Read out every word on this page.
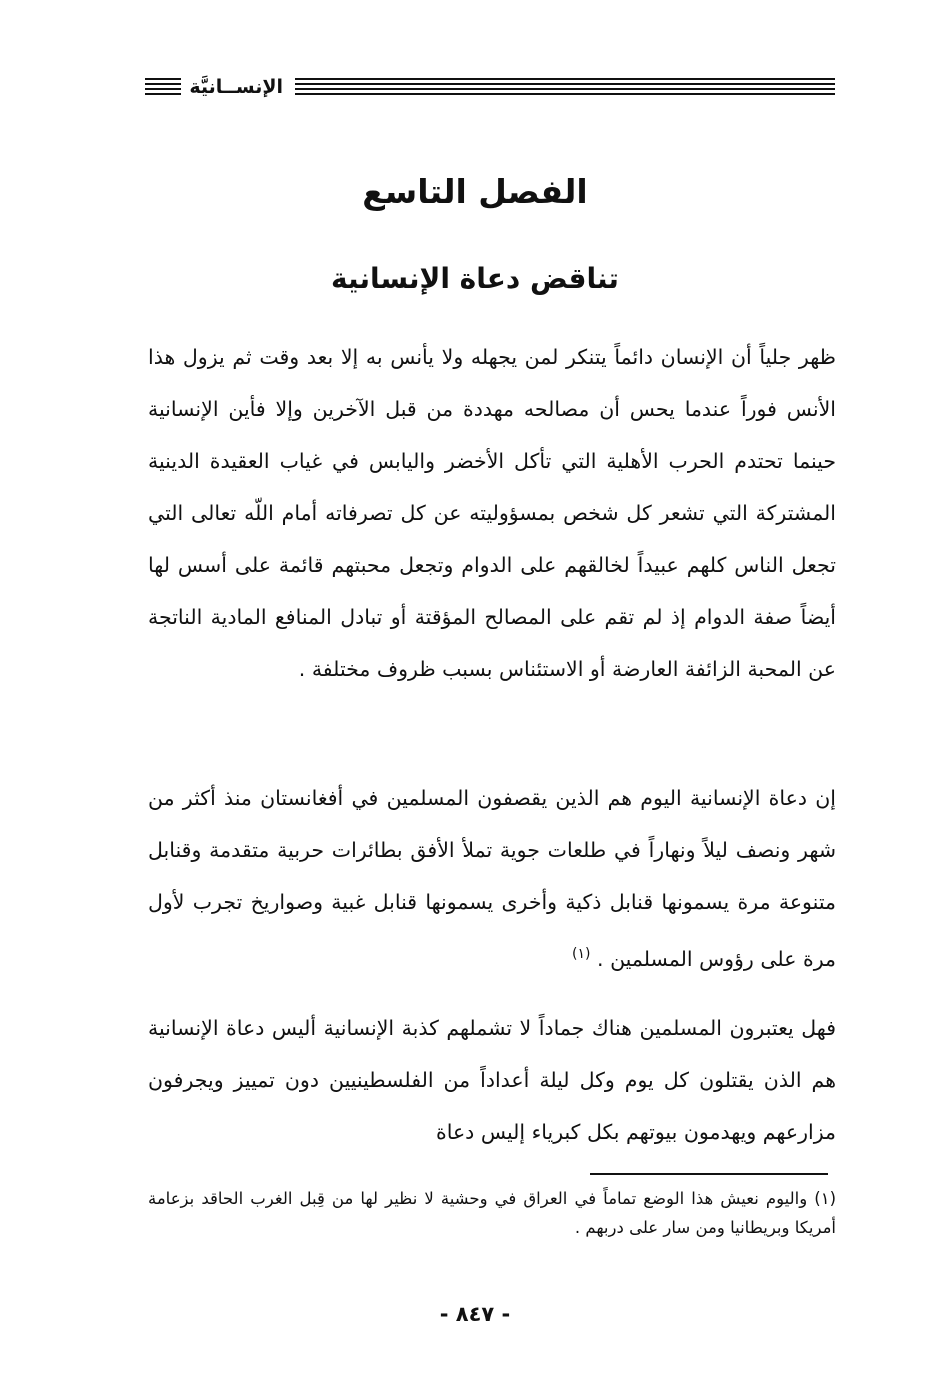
الإنســانيَّة
الفصل التاسع
تناقض دعاة الإنسانية
ظهر جلياً أن الإنسان دائماً يتنكر لمن يجهله ولا يأنس به إلا بعد وقت ثم يزول هذا الأنس فوراً عندما يحس أن مصالحه مهددة من قبل الآخرين وإلا فأين الإنسانية حينما تحتدم الحرب الأهلية التي تأكل الأخضر واليابس في غياب العقيدة الدينية المشتركة التي تشعر كل شخص بمسؤوليته عن كل تصرفاته أمام اللّه تعالى التي تجعل الناس كلهم عبيداً لخالقهم على الدوام وتجعل محبتهم قائمة على أسس لها أيضاً صفة الدوام إذ لم تقم على المصالح المؤقتة أو تبادل المنافع المادية الناتجة عن المحبة الزائفة العارضة أو الاستئناس بسبب ظروف مختلفة .
إن دعاة الإنسانية اليوم هم الذين يقصفون المسلمين في أفغانستان منذ أكثر من شهر ونصف ليلاً ونهاراً في طلعات جوية تملأ الأفق بطائرات حربية متقدمة وقنابل متنوعة مرة يسمونها قنابل ذكية وأخرى يسمونها قنابل غبية وصواريخ تجرب لأول مرة على رؤوس المسلمين . $^{(١)}$
فهل يعتبرون المسلمين هناك جماداً لا تشملهم كذبة الإنسانية أليس دعاة الإنسانية هم الذن يقتلون كل يوم وكل ليلة أعداداً من الفلسطينيين دون تمييز ويجرفون مزارعهم ويهدمون بيوتهم بكل كبرياء إليس دعاة
(١) واليوم نعيش هذا الوضع تماماً في العراق في وحشية لا نظير لها من قِبل الغرب الحاقد بزعامة أمريكا وبريطانيا ومن سار على دربهم .
- ٨٤٧ -
